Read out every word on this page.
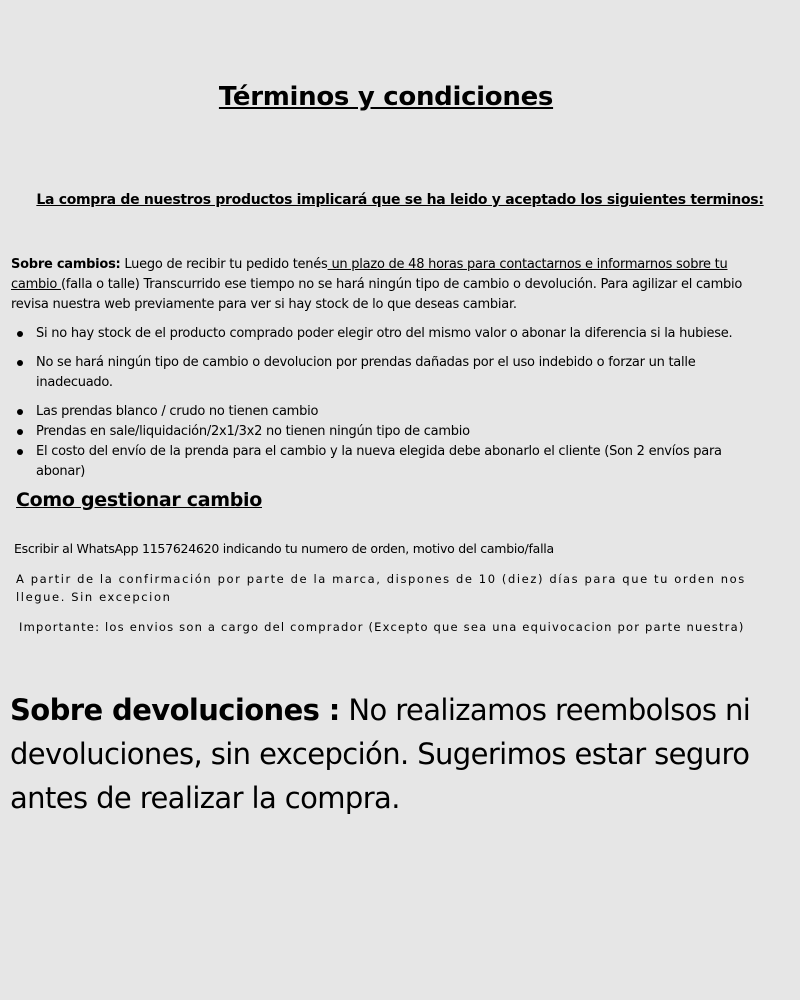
Términos y condiciones
La compra de nuestros productos implicará que se ha leido y aceptado los siguientes terminos:
Sobre cambios: Luego de recibir tu pedido tenés un plazo de 48 horas para contactarnos e informarnos sobre tu cambio (falla o talle) Transcurrido ese tiempo no se hará ningún tipo de cambio o devolución. Para agilizar el cambio revisa nuestra web previamente para ver si hay stock de lo que deseas cambiar.
Si no hay stock de el producto comprado poder elegir otro del mismo valor o abonar la diferencia si la hubiese.
No se hará ningún tipo de cambio o devolucion por prendas dañadas por el uso indebido o forzar un talle inadecuado.
Las prendas blanco / crudo no tienen cambio
Prendas en sale/liquidación/2x1/3x2 no tienen ningún tipo de cambio
El costo del envío de la prenda para el cambio y la nueva elegida debe abonarlo el cliente (Son 2 envíos para abonar)
Como gestionar cambio
Escribir al WhatsApp 1157624620 indicando tu numero de orden, motivo del cambio/falla
A partir de la confirmación por parte de la marca, dispones de 10 (diez) días para que tu orden nos llegue. Sin excepcion
Importante: los envios son a cargo del comprador (Excepto que sea una equivocacion por parte nuestra)
Sobre devoluciones : No realizamos reembolsos ni devoluciones, sin excepción. Sugerimos estar seguro antes de realizar la compra.
